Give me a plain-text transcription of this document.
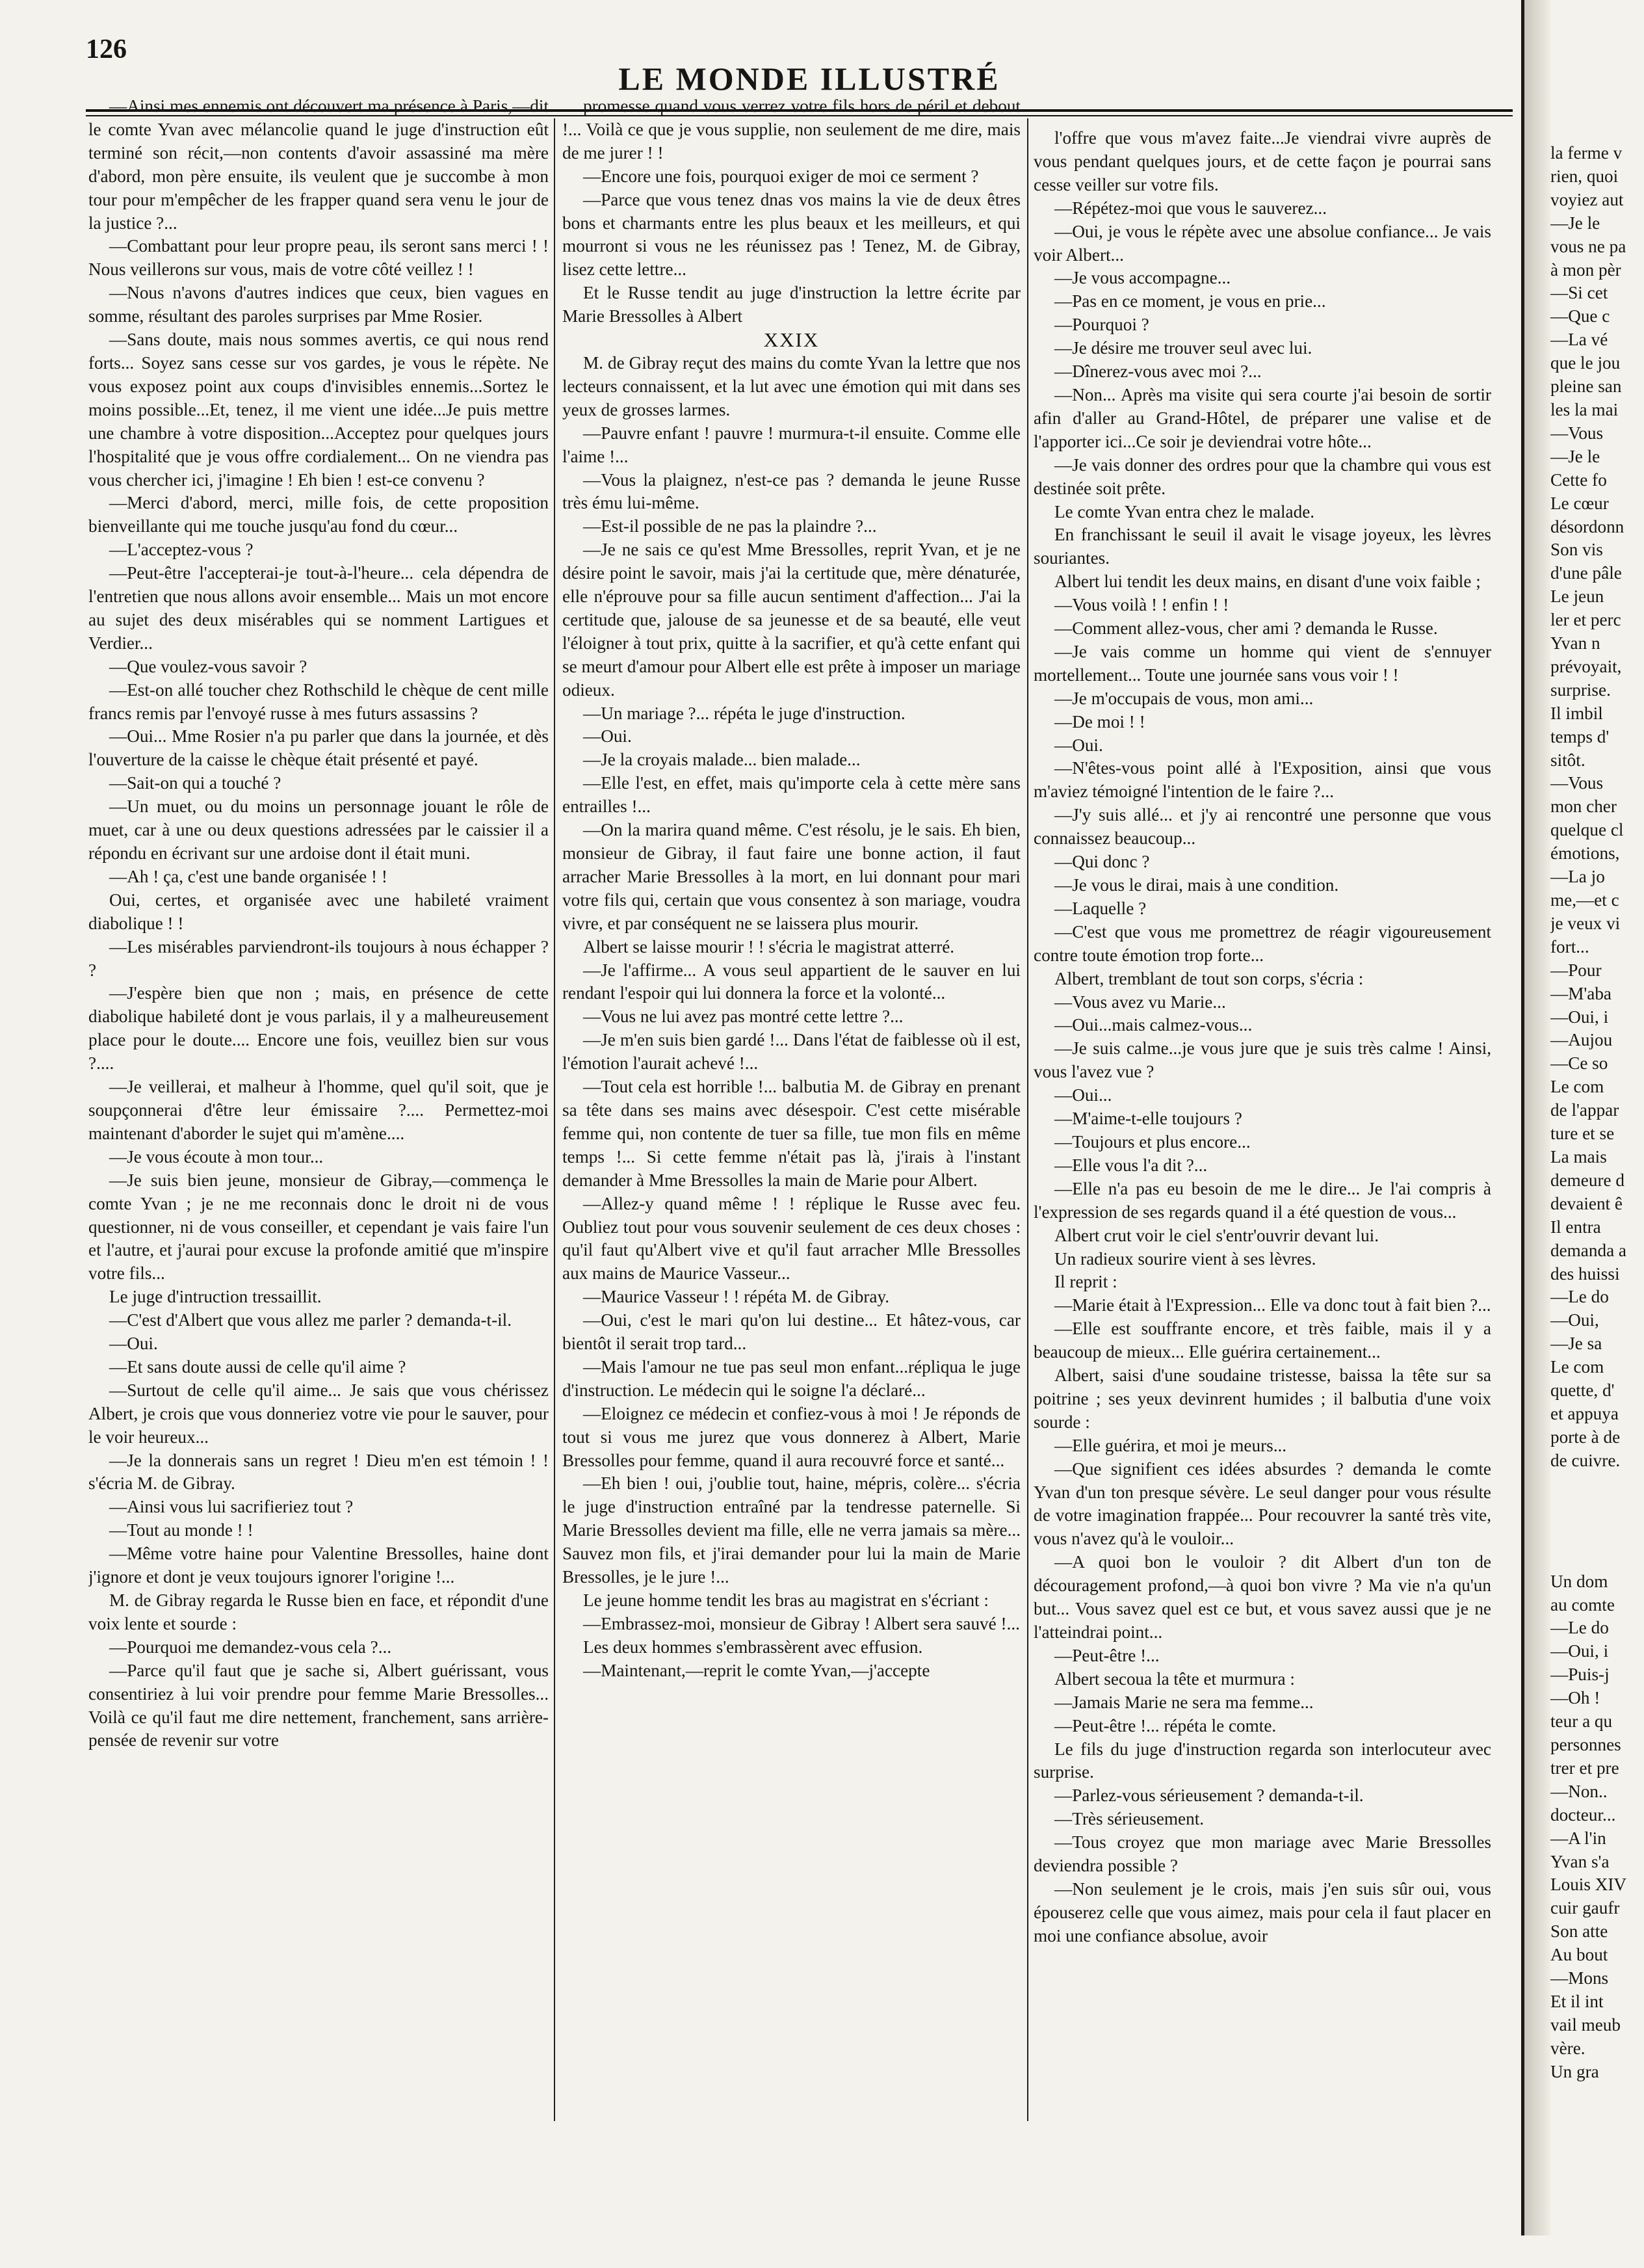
126
LE MONDE ILLUSTRÉ

—Ainsi mes ennemis ont découvert ma présence à Paris,—dit le comte Yvan avec mélancolie quand le juge d'instruction eût terminé son récit,—non contents d'avoir assassiné ma mère d'abord, mon père ensuite, ils veulent que je succombe à mon tour pour m'empêcher de les frapper quand sera venu le jour de la justice ?...

—Combattant pour leur propre peau, ils seront sans merci ! ! Nous veillerons sur vous, mais de votre côté veillez ! !

—Nous n'avons d'autres indices que ceux, bien vagues en somme, résultant des paroles surprises par Mme Rosier.

—Sans doute, mais nous sommes avertis, ce qui nous rend forts... Soyez sans cesse sur vos gardes, je vous le répète. Ne vous exposez point aux coups d'invisibles ennemis...Sortez le moins possible...Et, tenez, il me vient une idée...Je puis mettre une chambre à votre disposition...Acceptez pour quelques jours l'hospitalité que je vous offre cordialement... On ne viendra pas vous chercher ici, j'imagine ! Eh bien ! est-ce convenu ?

—Merci d'abord, merci, mille fois, de cette proposition bienveillante qui me touche jusqu'au fond du cœur...

—L'acceptez-vous ?

—Peut-être l'accepterai-je tout-à-l'heure... cela dépendra de l'entretien que nous allons avoir ensemble... Mais un mot encore au sujet des deux misérables qui se nomment Lartigues et Verdier...

—Que voulez-vous savoir ?

—Est-on allé toucher chez Rothschild le chèque de cent mille francs remis par l'envoyé russe à mes futurs assassins ?

—Oui... Mme Rosier n'a pu parler que dans la journée, et dès l'ouverture de la caisse le chèque était présenté et payé.

—Sait-on qui a touché ?

—Un muet, ou du moins un personnage jouant le rôle de muet, car à une ou deux questions adressées par le caissier il a répondu en écrivant sur une ardoise dont il était muni.

—Ah ! ça, c'est une bande organisée ! !

Oui, certes, et organisée avec une habileté vraiment diabolique ! !

—Les misérables parviendront-ils toujours à nous échapper ? ?

—J'espère bien que non ; mais, en présence de cette diabolique habileté dont je vous parlais, il y a malheureusement place pour le doute.... Encore une fois, veuillez bien sur vous ?....

—Je veillerai, et malheur à l'homme, quel qu'il soit, que je soupçonnerai d'être leur émissaire ?.... Permettez-moi maintenant d'aborder le sujet qui m'amène....

—Je vous écoute à mon tour...

—Je suis bien jeune, monsieur de Gibray,—commença le comte Yvan ; je ne me reconnais donc le droit ni de vous questionner, ni de vous conseiller, et cependant je vais faire l'un et l'autre, et j'aurai pour excuse la profonde amitié que m'inspire votre fils...

Le juge d'intruction tressaillit.

—C'est d'Albert que vous allez me parler ? demanda-t-il.

—Oui.

—Et sans doute aussi de celle qu'il aime ?

—Surtout de celle qu'il aime... Je sais que vous chérissez Albert, je crois que vous donneriez votre vie pour le sauver, pour le voir heureux...

—Je la donnerais sans un regret ! Dieu m'en est témoin ! ! s'écria M. de Gibray.

—Ainsi vous lui sacrifieriez tout ?

—Tout au monde ! !

—Même votre haine pour Valentine Bressolles, haine dont j'ignore et dont je veux toujours ignorer l'origine !...

M. de Gibray regarda le Russe bien en face, et répondit d'une voix lente et sourde :

—Pourquoi me demandez-vous cela ?...

—Parce qu'il faut que je sache si, Albert guérissant, vous consentiriez à lui voir prendre pour femme Marie Bressolles... Voilà ce qu'il faut me dire nettement, franchement, sans arrière-pensée de revenir sur votre

promesse quand vous verrez votre fils hors de péril et debout !... Voilà ce que je vous supplie, non seulement de me dire, mais de me jurer ! !

—Encore une fois, pourquoi exiger de moi ce serment ?

—Parce que vous tenez dnas vos mains la vie de deux êtres bons et charmants entre les plus beaux et les meilleurs, et qui mourront si vous ne les réunissez pas ! Tenez, M. de Gibray, lisez cette lettre...

Et le Russe tendit au juge d'instruction la lettre écrite par Marie Bressolles à Albert

XXIX

M. de Gibray reçut des mains du comte Yvan la lettre que nos lecteurs connaissent, et la lut avec une émotion qui mit dans ses yeux de grosses larmes.

—Pauvre enfant ! pauvre ! murmura-t-il ensuite. Comme elle l'aime !...

—Vous la plaignez, n'est-ce pas ? demanda le jeune Russe très ému lui-même.

—Est-il possible de ne pas la plaindre ?...

—Je ne sais ce qu'est Mme Bressolles, reprit Yvan, et je ne désire point le savoir, mais j'ai la certitude que, mère dénaturée, elle n'éprouve pour sa fille aucun sentiment d'affection... J'ai la certitude que, jalouse de sa jeunesse et de sa beauté, elle veut l'éloigner à tout prix, quitte à la sacrifier, et qu'à cette enfant qui se meurt d'amour pour Albert elle est prête à imposer un mariage odieux.

—Un mariage ?... répéta le juge d'instruction.

—Oui.

—Je la croyais malade... bien malade...

—Elle l'est, en effet, mais qu'importe cela à cette mère sans entrailles !...

—On la marira quand même. C'est résolu, je le sais. Eh bien, monsieur de Gibray, il faut faire une bonne action, il faut arracher Marie Bressolles à la mort, en lui donnant pour mari votre fils qui, certain que vous consentez à son mariage, voudra vivre, et par conséquent ne se laissera plus mourir.

Albert se laisse mourir ! ! s'écria le magistrat atterré.

—Je l'affirme... A vous seul appartient de le sauver en lui rendant l'espoir qui lui donnera la force et la volonté...

—Vous ne lui avez pas montré cette lettre ?...

—Je m'en suis bien gardé !... Dans l'état de faiblesse où il est, l'émotion l'aurait achevé !...

—Tout cela est horrible !... balbutia M. de Gibray en prenant sa tête dans ses mains avec désespoir. C'est cette misérable femme qui, non contente de tuer sa fille, tue mon fils en même temps !... Si cette femme n'était pas là, j'irais à l'instant demander à Mme Bressolles la main de Marie pour Albert.

—Allez-y quand même ! ! réplique le Russe avec feu. Oubliez tout pour vous souvenir seulement de ces deux choses : qu'il faut qu'Albert vive et qu'il faut arracher Mlle Bressolles aux mains de Maurice Vasseur...

—Maurice Vasseur ! ! répéta M. de Gibray.

—Oui, c'est le mari qu'on lui destine... Et hâtez-vous, car bientôt il serait trop tard...

—Mais l'amour ne tue pas seul mon enfant...répliqua le juge d'instruction. Le médecin qui le soigne l'a déclaré...

—Eloignez ce médecin et confiez-vous à moi ! Je réponds de tout si vous me jurez que vous donnerez à Albert, Marie Bressolles pour femme, quand il aura recouvré force et santé...

—Eh bien ! oui, j'oublie tout, haine, mépris, colère... s'écria le juge d'instruction entraîné par la tendresse paternelle. Si Marie Bressolles devient ma fille, elle ne verra jamais sa mère... Sauvez mon fils, et j'irai demander pour lui la main de Marie Bressolles, je le jure !...

Le jeune homme tendit les bras au magistrat en s'écriant :

—Embrassez-moi, monsieur de Gibray ! Albert sera sauvé !...

Les deux hommes s'embrassèrent avec effusion.

—Maintenant,—reprit le comte Yvan,—j'accepte

l'offre que vous m'avez faite...Je viendrai vivre auprès de vous pendant quelques jours, et de cette façon je pourrai sans cesse veiller sur votre fils.

—Répétez-moi que vous le sauverez...

—Oui, je vous le répète avec une absolue confiance... Je vais voir Albert...

—Je vous accompagne...

—Pas en ce moment, je vous en prie...

—Pourquoi ?

—Je désire me trouver seul avec lui.

—Dînerez-vous avec moi ?...

—Non... Après ma visite qui sera courte j'ai besoin de sortir afin d'aller au Grand-Hôtel, de préparer une valise et de l'apporter ici...Ce soir je deviendrai votre hôte...

—Je vais donner des ordres pour que la chambre qui vous est destinée soit prête.

Le comte Yvan entra chez le malade.

En franchissant le seuil il avait le visage joyeux, les lèvres souriantes.

Albert lui tendit les deux mains, en disant d'une voix faible ;

—Vous voilà ! ! enfin ! !

—Comment allez-vous, cher ami ? demanda le Russe.

—Je vais comme un homme qui vient de s'ennuyer mortellement... Toute une journée sans vous voir ! !

—Je m'occupais de vous, mon ami...

—De moi ! !

—Oui.

—N'êtes-vous point allé à l'Exposition, ainsi que vous m'aviez témoigné l'intention de le faire ?...

—J'y suis allé... et j'y ai rencontré une personne que vous connaissez beaucoup...

—Qui donc ?

—Je vous le dirai, mais à une condition.

—Laquelle ?

—C'est que vous me promettrez de réagir vigoureusement contre toute émotion trop forte...

Albert, tremblant de tout son corps, s'écria :

—Vous avez vu Marie...

—Oui...mais calmez-vous...

—Je suis calme...je vous jure que je suis très calme ! Ainsi, vous l'avez vue ?

—Oui...

—M'aime-t-elle toujours ?

—Toujours et plus encore...

—Elle vous l'a dit ?...

—Elle n'a pas eu besoin de me le dire... Je l'ai compris à l'expression de ses regards quand il a été question de vous...

Albert crut voir le ciel s'entr'ouvrir devant lui.

Un radieux sourire vient à ses lèvres.

Il reprit :

—Marie était à l'Expression... Elle va donc tout à fait bien ?...

—Elle est souffrante encore, et très faible, mais il y a beaucoup de mieux... Elle guérira certainement...

Albert, saisi d'une soudaine tristesse, baissa la tête sur sa poitrine ; ses yeux devinrent humides ; il balbutia d'une voix sourde :

—Elle guérira, et moi je meurs...

—Que signifient ces idées absurdes ? demanda le comte Yvan d'un ton presque sévère. Le seul danger pour vous résulte de votre imagination frappée... Pour recouvrer la santé très vite, vous n'avez qu'à le vouloir...

—A quoi bon le vouloir ? dit Albert d'un ton de découragement profond,—à quoi bon vivre ? Ma vie n'a qu'un but... Vous savez quel est ce but, et vous savez aussi que je ne l'atteindrai point...

—Peut-être !...

Albert secoua la tête et murmura :

—Jamais Marie ne sera ma femme...

—Peut-être !... répéta le comte.

Le fils du juge d'instruction regarda son interlocuteur avec surprise.

—Parlez-vous sérieusement ? demanda-t-il.

—Très sérieusement.

—Tous croyez que mon mariage avec Marie Bressolles deviendra possible ?

—Non seulement je le crois, mais j'en suis sûr oui, vous épouserez celle que vous aimez, mais pour cela il faut placer en moi une confiance absolue, avoir

la ferme v

rien, quoi

voyiez aut

—Je le

vous ne pa

à mon pèr

—Si cet

—Que c

—La vé

que le jou

pleine san

les la mai

—Vous

—Je le

Cette fo

Le cœur

désordonn

Son vis

d'une pâle

Le jeun

ler et perc

Yvan n

prévoyait,

surprise.

Il imbil

temps d'

sitôt.

—Vous

mon cher

quelque cl

émotions,

—La jo

me,—et c

je veux vi

fort...

—Pour

—M'aba

—Oui, i

—Aujou

—Ce so

Le com

de l'appar

ture et se

La mais

demeure d

devaient ê

Il entra

demanda a

des huissi

—Le do

—Oui,

—Je sa

Le com

quette, d'

et appuya

porte à de

de cuivre.

Un dom

au comte

—Le do

—Oui, i

—Puis-j

—Oh !

teur a qu

personnes

trer et pre

—Non..

docteur...

—A l'in

Yvan s'a

Louis XIV

cuir gaufr

Son atte

Au bout

—Mons

Et il int

vail meub

vère.

Un gra
